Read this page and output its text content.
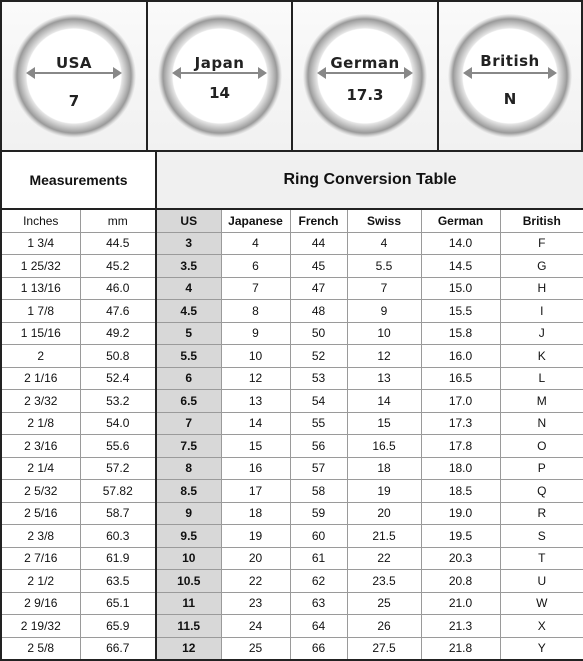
USA
7
Japan
14
German
17.3
British
N
Measurements		Ring Conversion Table					
Inches	mm	US	Japanese	French	Swiss	German	British
1 3/4	44.5	3	4	44	4	14.0	F
1 25/32	45.2	3.5	6	45	5.5	14.5	G
1 13/16	46.0	4	7	47	7	15.0	H
1 7/8	47.6	4.5	8	48	9	15.5	I
1 15/16	49.2	5	9	50	10	15.8	J
2	50.8	5.5	10	52	12	16.0	K
2 1/16	52.4	6	12	53	13	16.5	L
2 3/32	53.2	6.5	13	54	14	17.0	M
2 1/8	54.0	7	14	55	15	17.3	N
2 3/16	55.6	7.5	15	56	16.5	17.8	O
2 1/4	57.2	8	16	57	18	18.0	P
2 5/32	57.82	8.5	17	58	19	18.5	Q
2 5/16	58.7	9	18	59	20	19.0	R
2 3/8	60.3	9.5	19	60	21.5	19.5	S
2 7/16	61.9	10	20	61	22	20.3	T
2 1/2	63.5	10.5	22	62	23.5	20.8	U
2 9/16	65.1	11	23	63	25	21.0	W
2 19/32	65.9	11.5	24	64	26	21.3	X
2 5/8	66.7	12	25	66	27.5	21.8	Y
